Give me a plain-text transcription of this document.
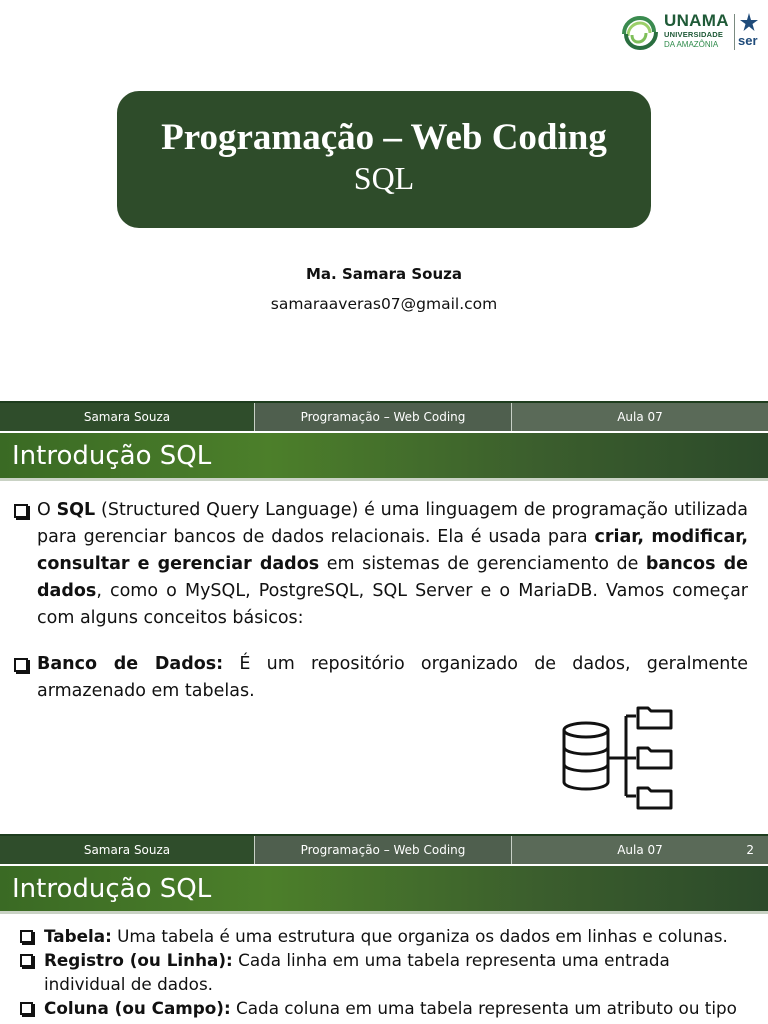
UNAMA
UNIVERSIDADE
DA AMAZÔNIA	ser
Programação – Web Coding
SQL
Ma. Samara Souza
samaraaveras07@gmail.com
Samara Souza	Programação – Web Coding	Aula 07
Introdução SQL
O SQL (Structured Query Language) é uma linguagem de programação utilizada para gerenciar bancos de dados relacionais. Ela é usada para criar, modificar, consultar e gerenciar dados em sistemas de gerenciamento de bancos de dados, como o MySQL, PostgreSQL, SQL Server e o MariaDB. Vamos começar com alguns conceitos básicos:
Banco de Dados: É um repositório organizado de dados, geralmente armazenado em tabelas.
Samara Souza	Programação – Web Coding	Aula 07	2
Introdução SQL
Tabela: Uma tabela é uma estrutura que organiza os dados em linhas e colunas.
Registro (ou Linha): Cada linha em uma tabela representa uma entrada individual de dados.
Coluna (ou Campo): Cada coluna em uma tabela representa um atributo ou tipo
